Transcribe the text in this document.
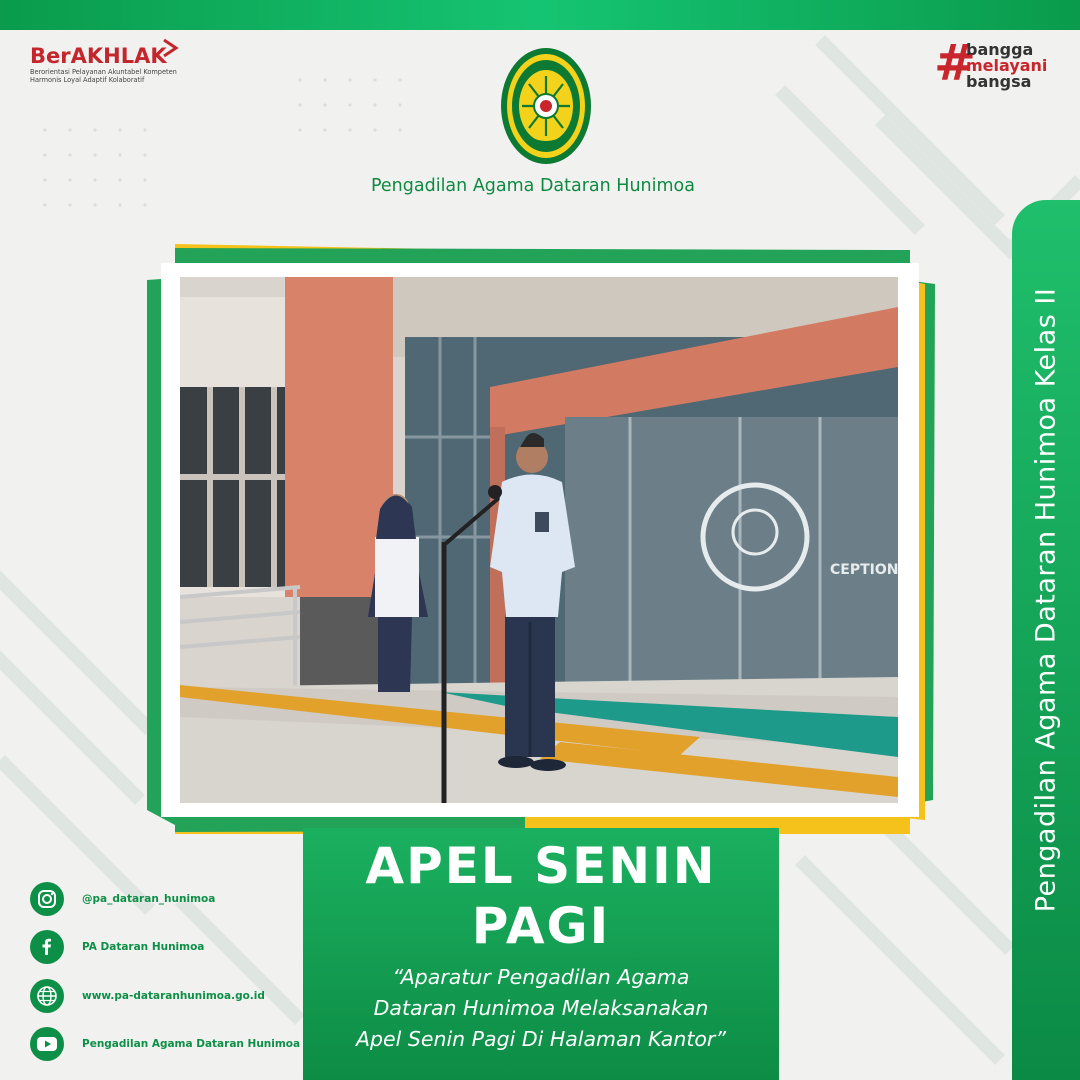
BerAKHLAK
Berorientasi Pelayanan Akuntabel Kompeten
Harmonis Loyal Adaptif Kolaboratif
Pengadilan Agama Dataran Hunimoa
#
bangga
melayani
bangsa
Pengadilan Agama Dataran Hunimoa Kelas II
CEPTION
APEL SENIN
PAGI
“Aparatur Pengadilan Agama
Dataran Hunimoa Melaksanakan
Apel Senin Pagi Di Halaman Kantor”
@pa_dataran_hunimoa
PA Dataran Hunimoa
www.pa-dataranhunimoa.go.id
Pengadilan Agama Dataran Hunimoa
